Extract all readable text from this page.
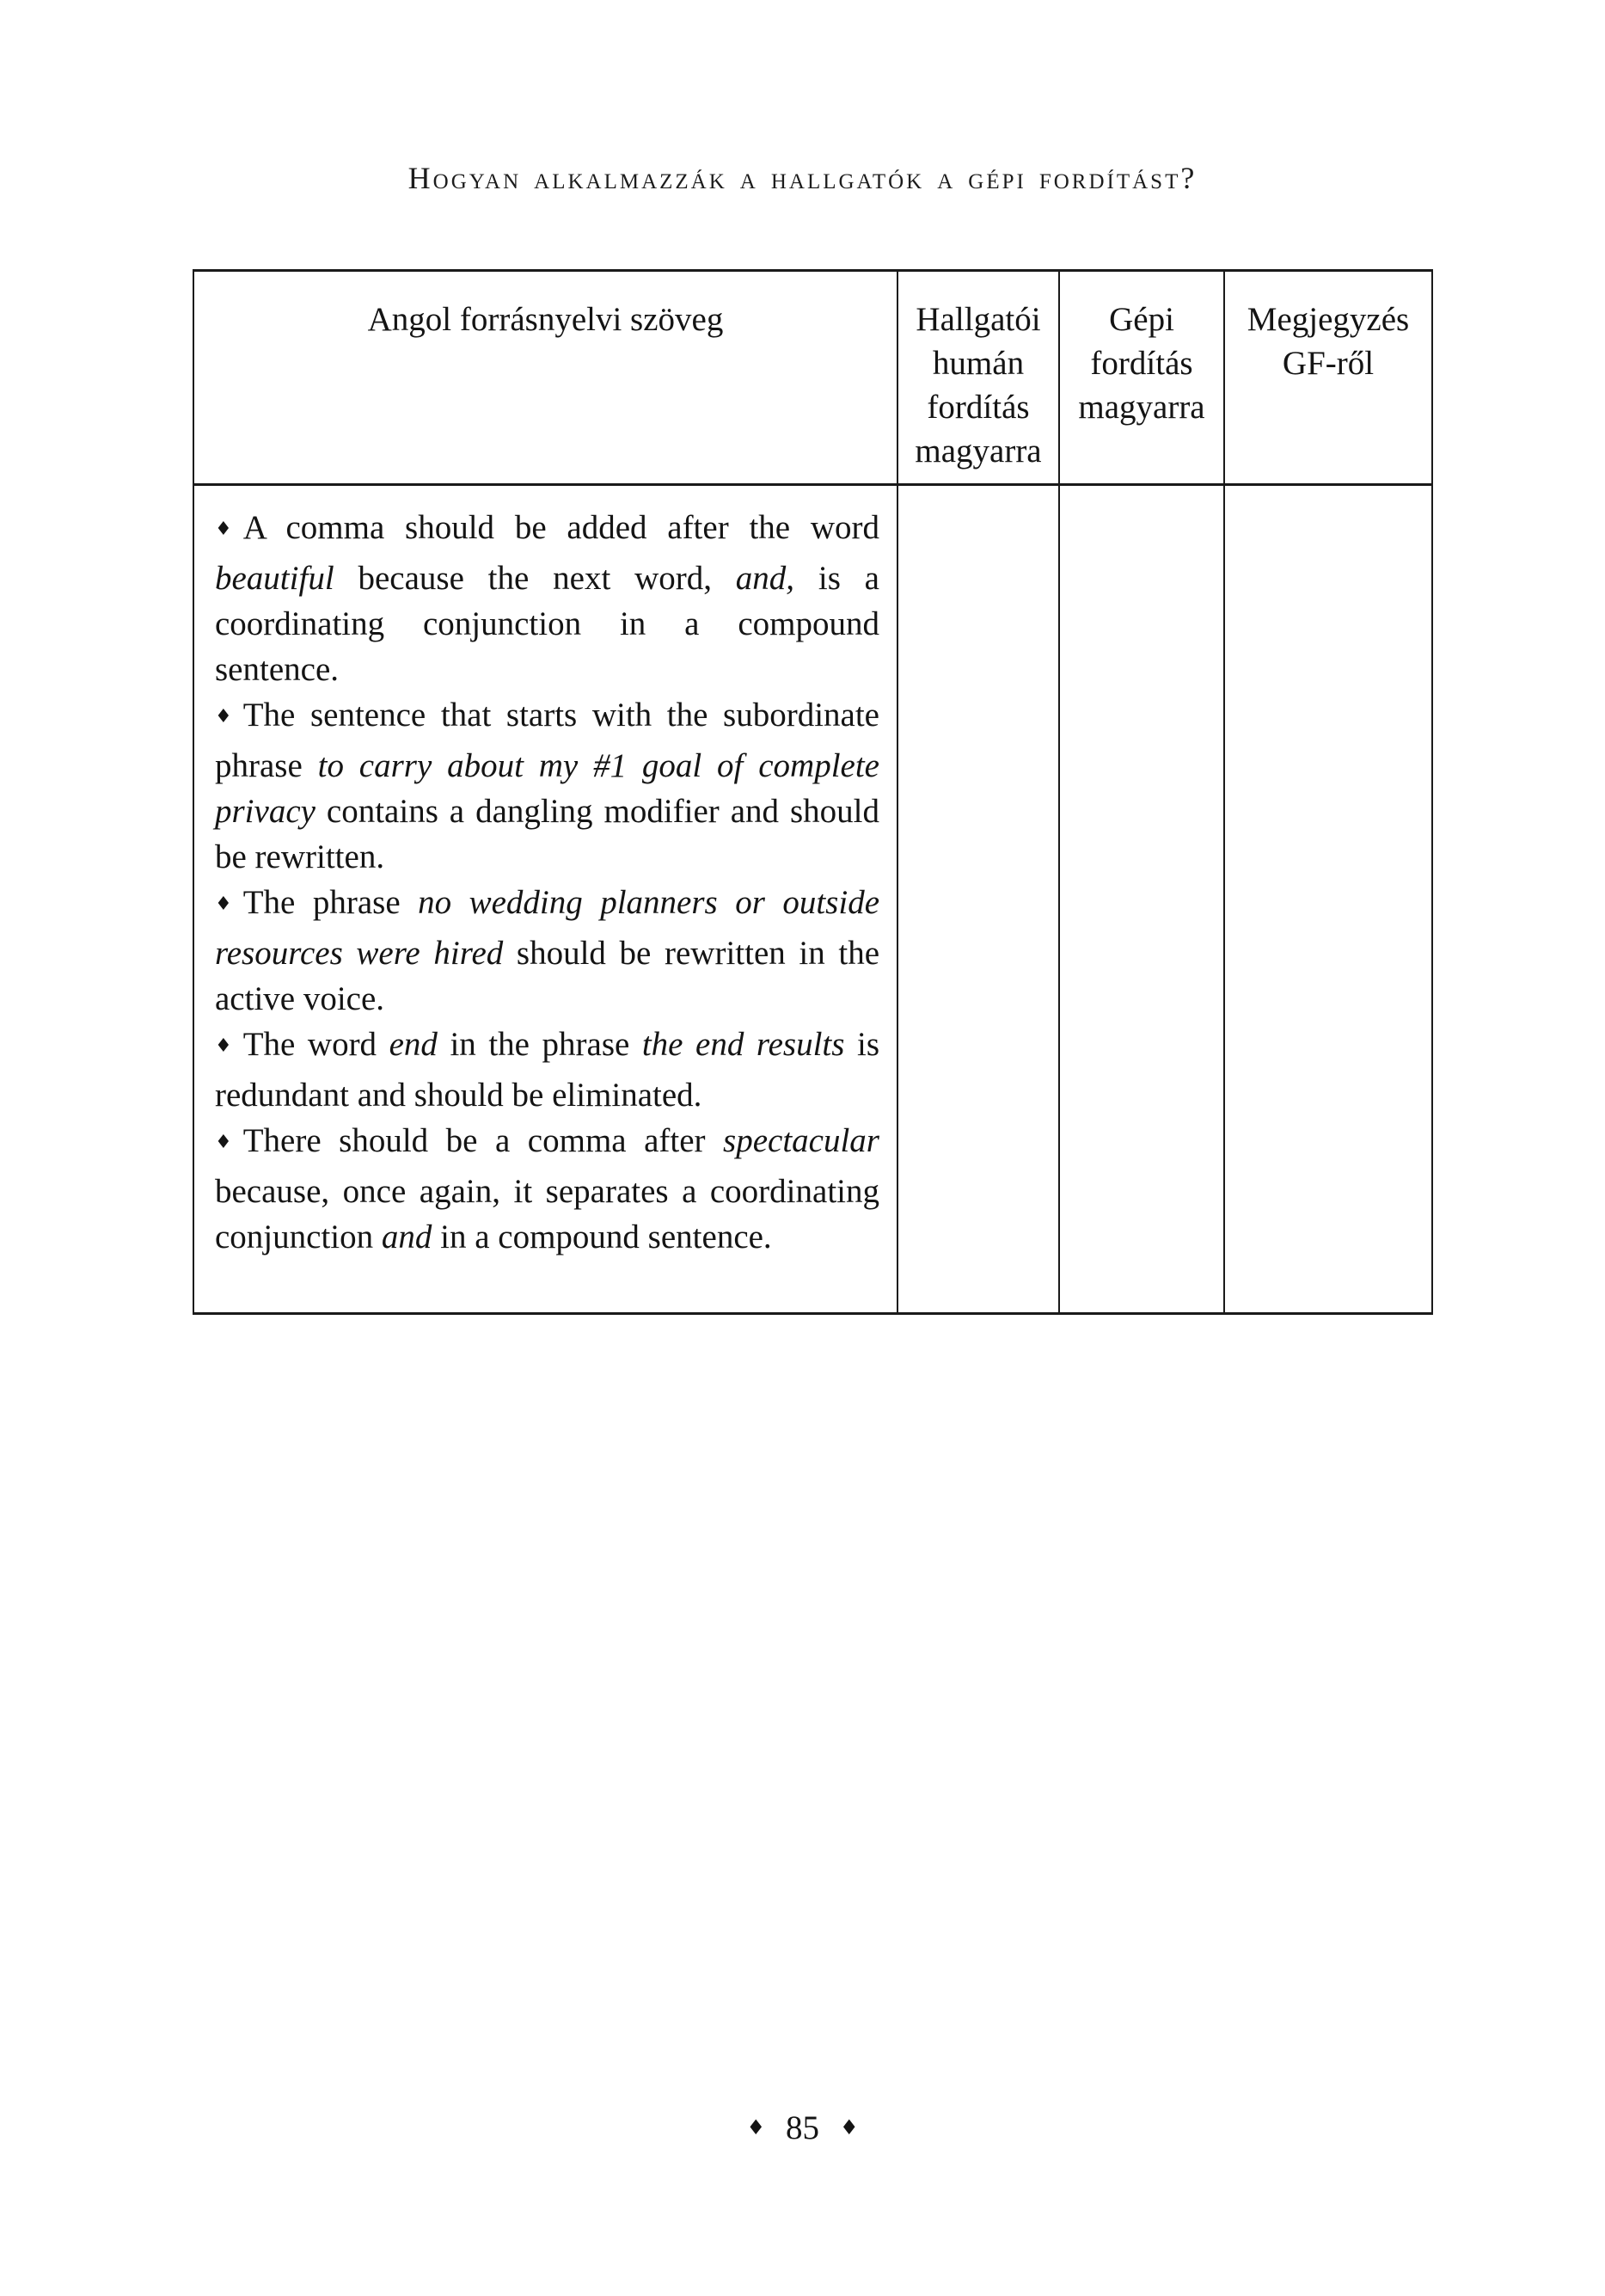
Hogyan alkalmazzák a hallgatók a gépi fordítást?
Angol forrásnyelvi szöveg	Hallgatói humán fordítás magyarra
Gépi fordítás magyarra
Megjegyzés GF-ről

♦ A comma should be added after the word beautiful because the next word, and, is a coordinating conjunction in a compound sentence.

♦ The sentence that starts with the subordinate phrase to carry about my #1 goal of complete privacy contains a dangling modifier and should be rewritten.

♦ The phrase no wedding planners or outside resources were hired should be rewritten in the active voice.

♦ The word end in the phrase the end results is redundant and should be eliminated.

♦ There should be a comma after spectacular because, once again, it separates a coordinating conjunction and in a compound sentence.

♦ 85 ♦
